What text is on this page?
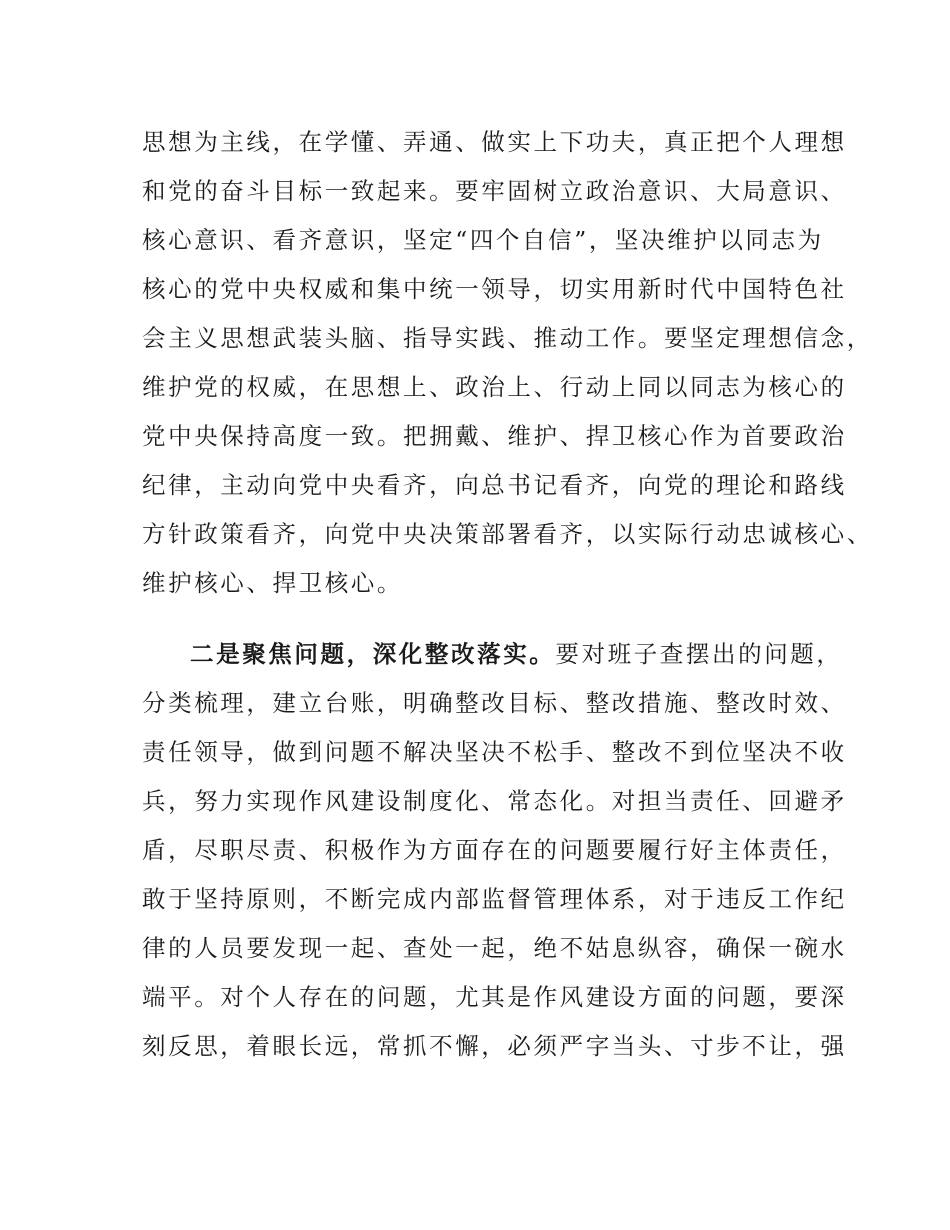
思想为主线，在学懂、弄通、做实上下功夫，真正把个人理想
和党的奋斗目标一致起来。要牢固树立政治意识、大局意识、
核心意识、看齐意识，坚定“四个自信”，坚决维护以同志为
核心的党中央权威和集中统一领导，切实用新时代中国特色社
会主义思想武装头脑、指导实践、推动工作。要坚定理想信念，
维护党的权威，在思想上、政治上、行动上同以同志为核心的
党中央保持高度一致。把拥戴、维护、捍卫核心作为首要政治
纪律，主动向党中央看齐，向总书记看齐，向党的理论和路线
方针政策看齐，向党中央决策部署看齐，以实际行动忠诚核心、
维护核心、捍卫核心。
二是聚焦问题，深化整改落实。要对班子查摆出的问题，
分类梳理，建立台账，明确整改目标、整改措施、整改时效、
责任领导，做到问题不解决坚决不松手、整改不到位坚决不收
兵，努力实现作风建设制度化、常态化。对担当责任、回避矛
盾，尽职尽责、积极作为方面存在的问题要履行好主体责任，
敢于坚持原则，不断完成内部监督管理体系，对于违反工作纪
律的人员要发现一起、查处一起，绝不姑息纵容，确保一碗水
端平。对个人存在的问题，尤其是作风建设方面的问题，要深
刻反思，着眼长远，常抓不懈，必须严字当头、寸步不让，强
